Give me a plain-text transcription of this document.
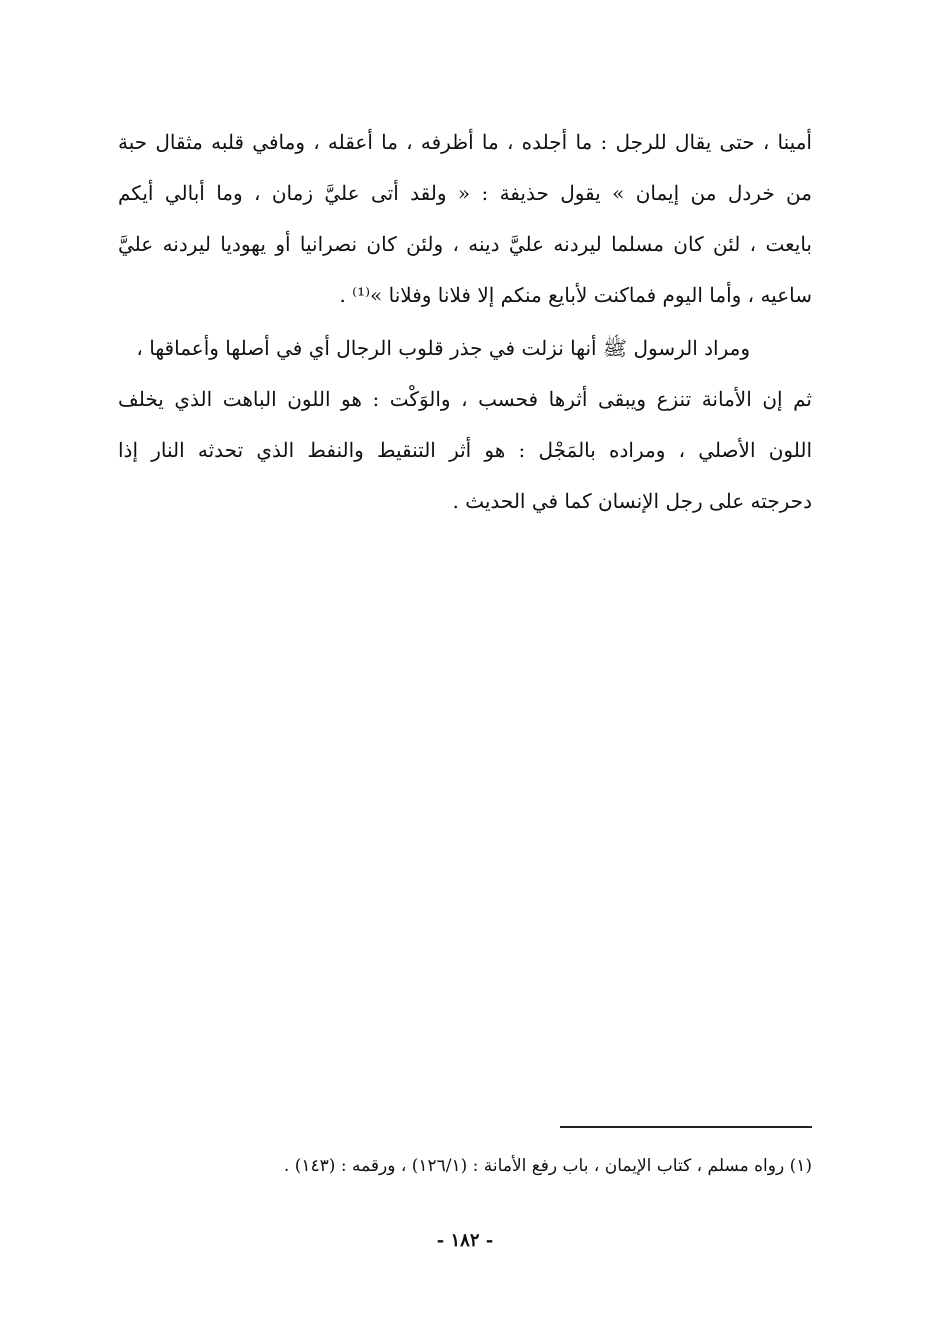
أمينا ، حتى يقال للرجل : ما أجلده ، ما أظرفه ، ما أعقله ، ومافي قلبه مثقال حبة
من خردل من إيمان » يقول حذيفة : « ولقد أتى عليَّ زمان ، وما أبالي أيكم
بايعت ، لئن كان مسلما ليردنه عليَّ دينه ، ولئن كان نصرانيا أو يهوديا ليردنه عليَّ
ساعيه ، وأما اليوم فماكنت لأبايع منكم إلا فلانا وفلانا »⁽¹⁾ .
ومراد الرسول ﷺ أنها نزلت في جذر قلوب الرجال أي في أصلها وأعماقها ،
ثم إن الأمانة تنزع ويبقى أثرها فحسب ، والوَكْت : هو اللون الباهت الذي يخلف
اللون الأصلي ، ومراده بالمَجْل : هو أثر التنقيط والنفط الذي تحدثه النار إذا
دحرجته على رجل الإنسان كما في الحديث .
(١) رواه مسلم ، كتاب الإيمان ، باب رفع الأمانة : (١٢٦/١) ، ورقمه : (١٤٣) .
- ١٨٢ -
